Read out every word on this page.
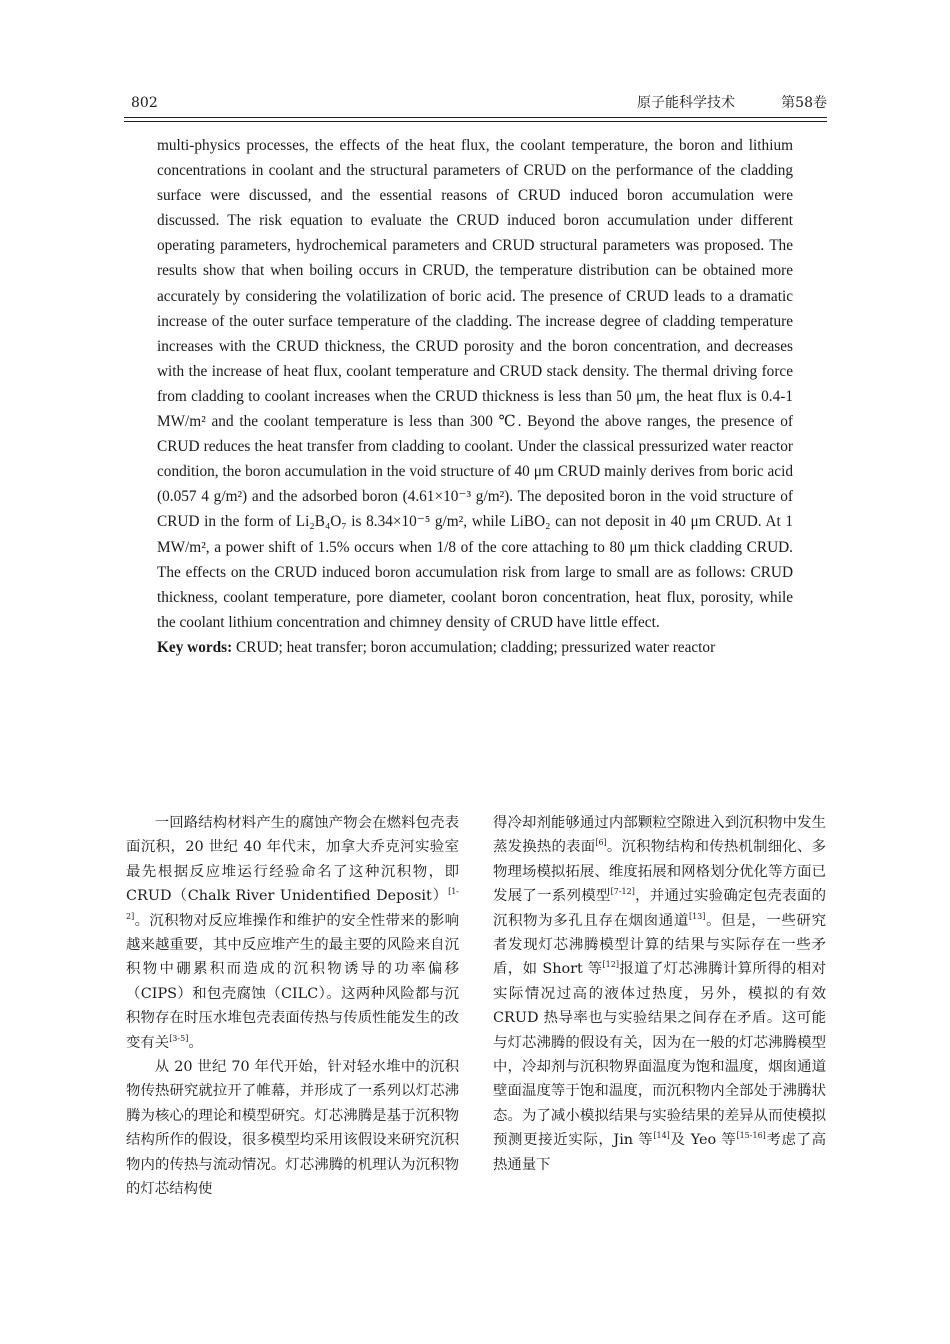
802	原子能科学技术	第58卷

multi-physics processes, the effects of the heat flux, the coolant temperature, the boron and lithium concentrations in coolant and the structural parameters of CRUD on the performance of the cladding surface were discussed, and the essential reasons of CRUD induced boron accumulation were discussed. The risk equation to evaluate the CRUD induced boron accumulation under different operating parameters, hydrochemical parameters and CRUD structural parameters was proposed. The results show that when boiling occurs in CRUD, the temperature distribution can be obtained more accurately by considering the volatilization of boric acid. The presence of CRUD leads to a dramatic increase of the outer surface temperature of the cladding. The increase degree of cladding temperature increases with the CRUD thickness, the CRUD porosity and the boron concentration, and decreases with the increase of heat flux, coolant temperature and CRUD stack density. The thermal driving force from cladding to coolant increases when the CRUD thickness is less than 50 μm, the heat flux is 0.4-1 MW/m² and the coolant temperature is less than 300 ℃. Beyond the above ranges, the presence of CRUD reduces the heat transfer from cladding to coolant. Under the classical pressurized water reactor condition, the boron accumulation in the void structure of 40 μm CRUD mainly derives from boric acid (0.057 4 g/m²) and the adsorbed boron (4.61×10⁻³ g/m²). The deposited boron in the void structure of CRUD in the form of Li₂B₄O₇ is 8.34×10⁻⁵ g/m², while LiBO₂ can not deposit in 40 μm CRUD. At 1 MW/m², a power shift of 1.5% occurs when 1/8 of the core attaching to 80 μm thick cladding CRUD. The effects on the CRUD induced boron accumulation risk from large to small are as follows: CRUD thickness, coolant temperature, pore diameter, coolant boron concentration, heat flux, porosity, while the coolant lithium concentration and chimney density of CRUD have little effect.

Key words: CRUD; heat transfer; boron accumulation; cladding; pressurized water reactor

一回路结构材料产生的腐蚀产物会在燃料包壳表面沉积，20 世纪 40 年代末，加拿大乔克河实验室最先根据反应堆运行经验命名了这种沉积物，即 CRUD（Chalk River Unidentified Deposit）[1-2]。沉积物对反应堆操作和维护的安全性带来的影响越来越重要，其中反应堆产生的最主要的风险来自沉积物中硼累积而造成的沉积物诱导的功率偏移（CIPS）和包壳腐蚀（CILC）。这两种风险都与沉积物存在时压水堆包壳表面传热与传质性能发生的改变有关[3-5]。

从 20 世纪 70 年代开始，针对轻水堆中的沉积物传热研究就拉开了帷幕，并形成了一系列以灯芯沸腾为核心的理论和模型研究。灯芯沸腾是基于沉积物结构所作的假设，很多模型均采用该假设来研究沉积物内的传热与流动情况。灯芯沸腾的机理认为沉积物的灯芯结构使

得冷却剂能够通过内部颗粒空隙进入到沉积物中发生蒸发换热的表面[6]。沉积物结构和传热机制细化、多物理场模拟拓展、维度拓展和网格划分优化等方面已发展了一系列模型[7-12]，并通过实验确定包壳表面的沉积物为多孔且存在烟囱通道[13]。但是，一些研究者发现灯芯沸腾模型计算的结果与实际存在一些矛盾，如 Short 等[12]报道了灯芯沸腾计算所得的相对实际情况过高的液体过热度，另外，模拟的有效 CRUD 热导率也与实验结果之间存在矛盾。这可能与灯芯沸腾的假设有关，因为在一般的灯芯沸腾模型中，冷却剂与沉积物界面温度为饱和温度，烟囱通道壁面温度等于饱和温度，而沉积物内全部处于沸腾状态。为了减小模拟结果与实验结果的差异从而使模拟预测更接近实际，Jin 等[14]及 Yeo 等[15-16]考虑了高热通量下
